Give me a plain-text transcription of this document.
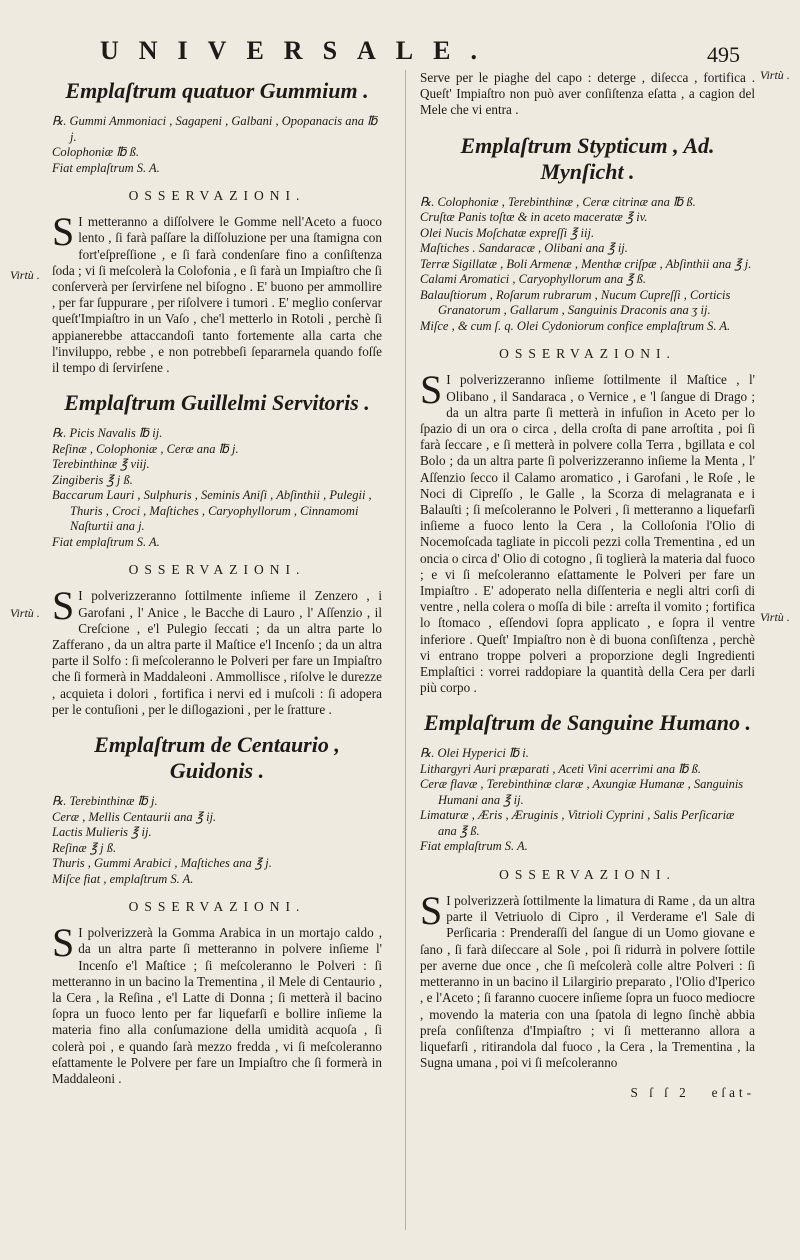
UNIVERSALE.	495
Virtù .
Virtù .
Virtù .
Virtù .
Emplaſtrum quatuor Gummium .

℞. Gummi Ammoniaci , Sagapeni , Galbani , Opopanacis ana ℔ j.

Colophoniæ ℔ ß.

Fiat emplaſtrum S. A.

OSSERVAZIONI.
S I metteranno a diſſolvere le Gomme nell'Aceto a fuoco lento , ſi farà paſſare la diſſoluzione per una ſtamigna con fort'eſpreſſione , e ſi farà condenſare fino a conſiſtenza ſoda ; vi ſi meſcolerà la Colofonia , e ſi farà un Impiaſtro che ſi conſerverà per ſervirſene nel biſogno . E' buono per ammollire , per far ſuppurare , per riſolvere i tumori . E' meglio conſervar queſt'Impiaſtro in un Vaſo , che'l metterlo in Rotoli , perchè ſi appianerebbe attaccandoſi tanto fortemente alla carta che l'inviluppo, rebbe , e non potrebbeſi ſepararnela quando foſſe il tempo di ſervirſene .
Emplaſtrum Guillelmi Servitoris .

℞. Picis Navalis ℔ ij.

Reſinæ , Colophoniæ , Ceræ ana ℔ j.

Terebinthinæ ℥ viij.

Zingiberis ℥ j ß.

Baccarum Lauri , Sulphuris , Seminis Aniſi , Abſinthii , Pulegii , Thuris , Croci , Maſtiches , Caryophyllorum , Cinnamomi Naſturtii ana j.

Fiat emplaſtrum S. A.

OSSERVAZIONI.
S I polverizzeranno ſottilmente inſieme il Zenzero , i Garofani , l' Anice , le Bacche di Lauro , l' Aſſenzio , il Creſcione , e'l Pulegio ſeccati ; da un altra parte lo Zafferano , da un altra parte il Maſtice e'l Incenſo ; da un altra parte il Solfo : ſi meſcoleranno le Polveri per fare un Impiaſtro che ſi formerà in Maddaleoni . Ammollisce , riſolve le durezze , acquieta i dolori , fortifica i nervi ed i muſcoli : ſi adopera per le contuſioni , per le diſlogazioni , per le ſratture .
Emplaſtrum de Centaurio , Guidonis .

℞. Terebinthinæ ℔ j.

Ceræ , Mellis Centaurii ana ℥ ij.

Lactis Mulieris ℥ ij.

Reſinæ ℥ j ß.

Thuris , Gummi Arabici , Maſtiches ana ℥ j.

Miſce fiat , emplaſtrum S. A.

OSSERVAZIONI.
S I polverizzerà la Gomma Arabica in un mortajo caldo , da un altra parte ſi metteranno in polvere inſieme l' Incenſo e'l Maſtice ; ſi meſcoleranno le Polveri : ſi metteranno in un bacino la Trementina , il Mele di Centaurio , la Cera , la Reſina , e'l Latte di Donna ; ſi metterà il bacino ſopra un fuoco lento per far liquefarſi e bollire inſieme la materia fino alla conſumazione della umidità acquoſa , ſi colerà poi , e quando ſarà mezzo fredda , vi ſi meſcoleranno eſattamente le Polvere per fare un Impiaſtro che ſi formerà in Maddaleoni .
Serve per le piaghe del capo : deterge , diſecca , fortifica . Queſt' Impiaſtro non può aver conſiſtenza eſatta , a cagion del Mele che vi entra .
Emplaſtrum Stypticum , Ad. Mynſicht .

℞. Colophoniæ , Terebinthinæ , Ceræ citrinæ ana ℔ ß.

Cruſtæ Panis toſtæ & in aceto maceratæ ℥ iv.

Olei Nucis Moſchatæ expreſſi ℥ iij.

Maſtiches . Sandaracæ , Olibani ana ℥ ij.

Terræ Sigillatæ , Boli Armenæ , Menthæ criſpæ , Abſinthii ana ℥ j.

Calami Aromatici , Caryophyllorum ana ℥ ß.

Balauſtiorum , Roſarum rubrarum , Nucum Cupreſſi , Corticis Granatorum , Gallarum , Sanguinis Draconis ana ʒ ij.

Miſce , & cum ſ. q. Olei Cydoniorum confice emplaſtrum S. A.

OSSERVAZIONI.
S I polverizzeranno inſieme ſottilmente il Maſtice , l' Olibano , il Sandaraca , o Vernice , e 'l ſangue di Drago ; da un altra parte ſi metterà in infuſion in Aceto per lo ſpazio di un ora o circa , della croſta di pane arroſtita , poi ſi farà ſeccare , e ſi metterà in polvere colla Terra , bgillata e col Bolo ; da un altra parte ſi polverizzeranno inſieme la Menta , l' Aſſenzio ſecco il Calamo aromatico , i Garofani , le Roſe , le Noci di Cipreſſo , le Galle , la Scorza di melagranata e i Balauſti ; ſi meſcoleranno le Polveri , ſi metteranno a liquefarſi inſieme a fuoco lento la Cera , la Colloſonia l'Olio di Nocemoſcada tagliate in piccoli pezzi colla Trementina , ed un oncia o circa d' Olio di cotogno , ſi toglierà la materia dal fuoco ; e vi ſi meſcoleranno eſattamente le Polveri per fare un Impiaſtro . E' adoperato nella diſſenteria e negli altri corſi di ventre , nella colera o moſſa di bile : arreſta il vomito ; fortifica lo ſtomaco , eſſendovi ſopra applicato , e ſopra il ventre inferiore . Queſt' Impiaſtro non è di buona conſiſtenza , perchè vi entrano troppe polveri a proporzione degli Ingredienti Emplaſtici : vorrei raddopiare la quantità della Cera per darli più corpo .
Emplaſtrum de Sanguine Humano .

℞. Olei Hyperici ℔ i.

Lithargyri Auri præparati , Aceti Vini acerrimi ana ℔ ß.

Ceræ flavæ , Terebinthinæ claræ , Axungiæ Humanæ , Sanguinis Humani ana ℥ ij.

Limaturæ , Æris , Æruginis , Vitrioli Cyprini , Salis Perſicariæ ana ℥ ß.

Fiat emplaſtrum S. A.

OSSERVAZIONI.
S I polverizzerà ſottilmente la limatura di Rame , da un altra parte il Vetriuolo di Cipro , il Verderame e'l Sale di Perſicaria : Prenderaſſi del ſangue di un Uomo giovane e ſano , ſi farà diſeccare al Sole , poi ſi ridurrà in polvere ſottile per averne due once , che ſi meſcolerà colle altre Polveri : ſi metteranno in un bacino il Lilargirio preparato , l'Olio d'Iperico , e l'Aceto ; ſi faranno cuocere inſieme ſopra un fuoco mediocre , movendo la materia con una ſpatola di legno ſinchè abbia preſa conſiſtenza d'Impiaſtro ; vi ſi metteranno allora a liquefarſi , ritirandola dal fuoco , la Cera , la Trementina , la Sugna umana , poi vi ſi meſcoleranno
S ſ ſ 2 eſat-
